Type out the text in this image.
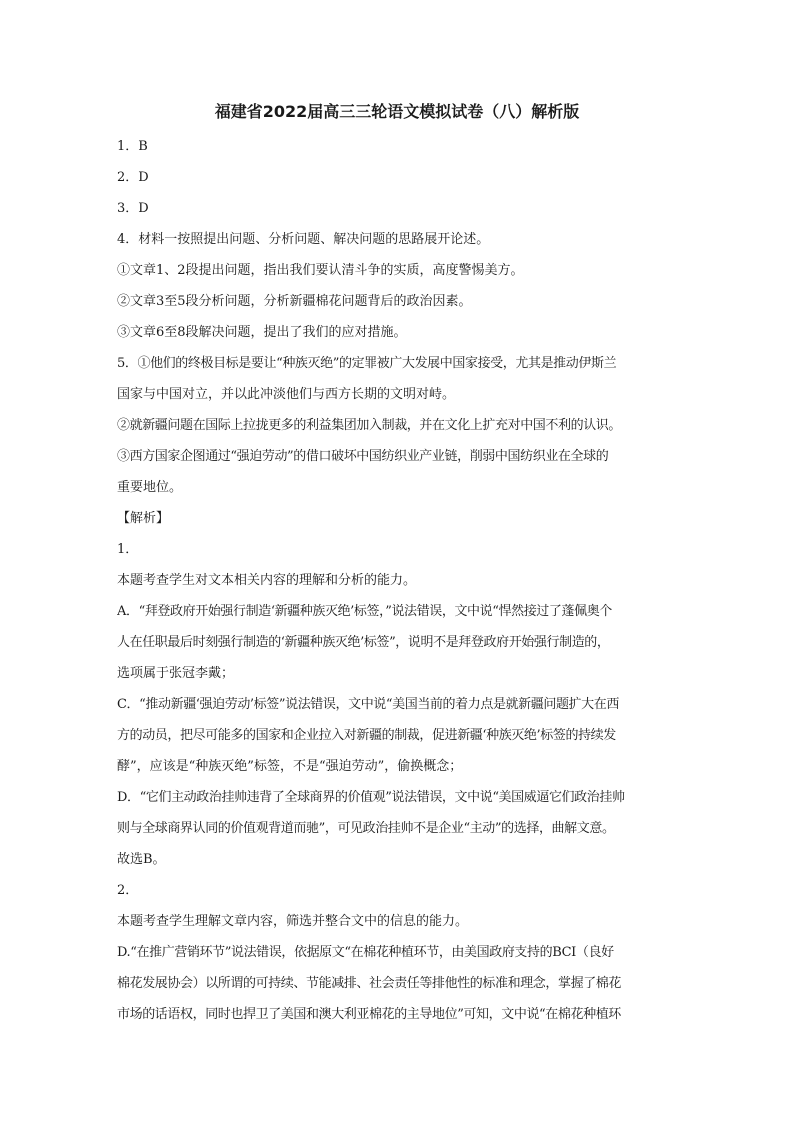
福建省2022届高三三轮语文模拟试卷（八）解析版
1．B
2．D
3．D
4．材料一按照提出问题、分析问题、解决问题的思路展开论述。
①文章1、2段提出问题，指出我们要认清斗争的实质，高度警惕美方。
②文章3至5段分析问题，分析新疆棉花问题背后的政治因素。
③文章6至8段解决问题，提出了我们的应对措施。
5．①他们的终极目标是要让“种族灭绝”的定罪被广大发展中国家接受，尤其是推动伊斯兰
国家与中国对立，并以此冲淡他们与西方长期的文明对峙。
②就新疆问题在国际上拉拢更多的利益集团加入制裁，并在文化上扩充对中国不利的认识。
③西方国家企图通过“强迫劳动”的借口破坏中国纺织业产业链，削弱中国纺织业在全球的
重要地位。
【解析】
1．
本题考查学生对文本相关内容的理解和分析的能力。
A．“拜登政府开始强行制造‘新疆种族灭绝’标签，”说法错误，文中说“悍然接过了蓬佩奥个
人在任职最后时刻强行制造的‘新疆种族灭绝’标签”，说明不是拜登政府开始强行制造的，
选项属于张冠李戴；
C．“推动新疆‘强迫劳动’标签”说法错误，文中说“美国当前的着力点是就新疆问题扩大在西
方的动员，把尽可能多的国家和企业拉入对新疆的制裁，促进新疆‘种族灭绝’标签的持续发
酵”，应该是“种族灭绝”标签，不是“强迫劳动”，偷换概念；
D．“它们主动政治挂帅违背了全球商界的价值观”说法错误，文中说“美国威逼它们政治挂帅
则与全球商界认同的价值观背道而驰”，可见政治挂帅不是企业“主动”的选择，曲解文意。
故选B。
2．
本题考查学生理解文章内容，筛选并整合文中的信息的能力。
D.“在推广营销环节”说法错误，依据原文“在棉花种植环节，由美国政府支持的BCI（良好
棉花发展协会）以所谓的可持续、节能减排、社会责任等排他性的标准和理念，掌握了棉花
市场的话语权，同时也捍卫了美国和澳大利亚棉花的主导地位”可知，文中说“在棉花种植环
